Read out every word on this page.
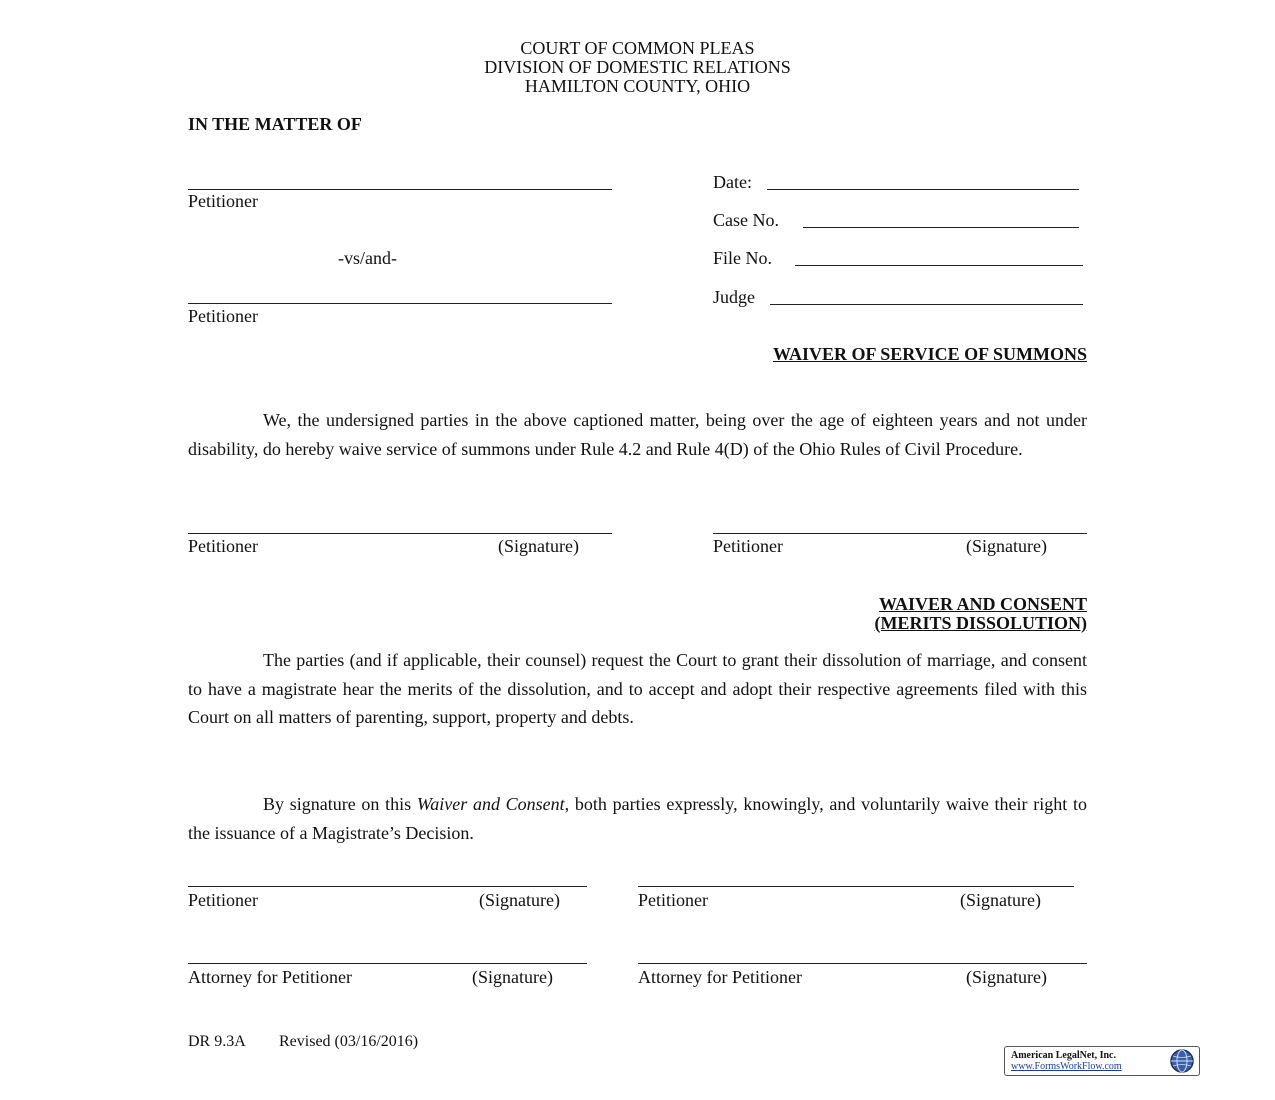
COURT OF COMMON PLEAS
DIVISION OF DOMESTIC RELATIONS
HAMILTON COUNTY, OHIO
IN THE MATTER OF
Petitioner
-vs/and-
Petitioner
Date:
Case No.
File No.
Judge
WAIVER OF SERVICE OF SUMMONS
We, the undersigned parties in the above captioned matter, being over the age of eighteen years and not under disability, do hereby waive service of summons under Rule 4.2 and Rule 4(D) of the Ohio Rules of Civil Procedure.
Petitioner	(Signature)	Petitioner	(Signature)
WAIVER AND CONSENT
(MERITS DISSOLUTION)
The parties (and if applicable, their counsel) request the Court to grant their dissolution of marriage, and consent to have a magistrate hear the merits of the dissolution, and to accept and adopt their respective agreements filed with this Court on all matters of parenting, support, property and debts.
By signature on this Waiver and Consent, both parties expressly, knowingly, and voluntarily waive their right to the issuance of a Magistrate’s Decision.
Petitioner	(Signature)	Petitioner	(Signature)
Attorney for Petitioner	(Signature)	Attorney for Petitioner	(Signature)
DR 9.3A Revised (03/16/2016)
American LegalNet, Inc.
www.FormsWorkFlow.com
